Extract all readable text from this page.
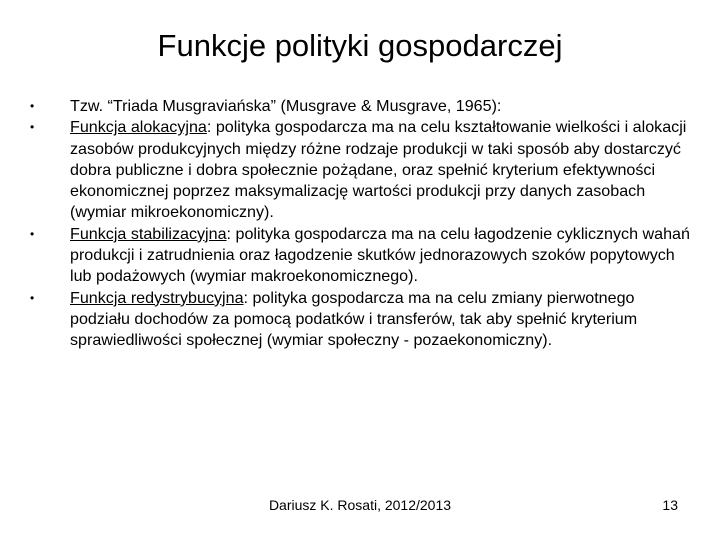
Funkcje polityki gospodarczej
•	Tzw. “Triada Musgraviańska” (Musgrave & Musgrave, 1965):
•	Funkcja alokacyjna: polityka gospodarcza ma na celu kształtowanie wielkości i alokacji zasobów produkcyjnych między różne rodzaje produkcji w taki sposób aby dostarczyć dobra publiczne i dobra społecznie pożądane, oraz spełnić kryterium efektywności ekonomicznej poprzez maksymalizację wartości produkcji przy danych zasobach (wymiar mikroekonomiczny).
•	Funkcja stabilizacyjna: polityka gospodarcza ma na celu łagodzenie cyklicznych wahań produkcji i zatrudnienia oraz łagodzenie skutków jednorazowych szoków popytowych lub podażowych (wymiar makroekonomicznego).
•	Funkcja redystrybucyjna: polityka gospodarcza ma na celu zmiany pierwotnego podziału dochodów za pomocą podatków i transferów, tak aby spełnić kryterium sprawiedliwości społecznej (wymiar społeczny - pozaekonomiczny).
Dariusz K. Rosati, 2012/2013	13
